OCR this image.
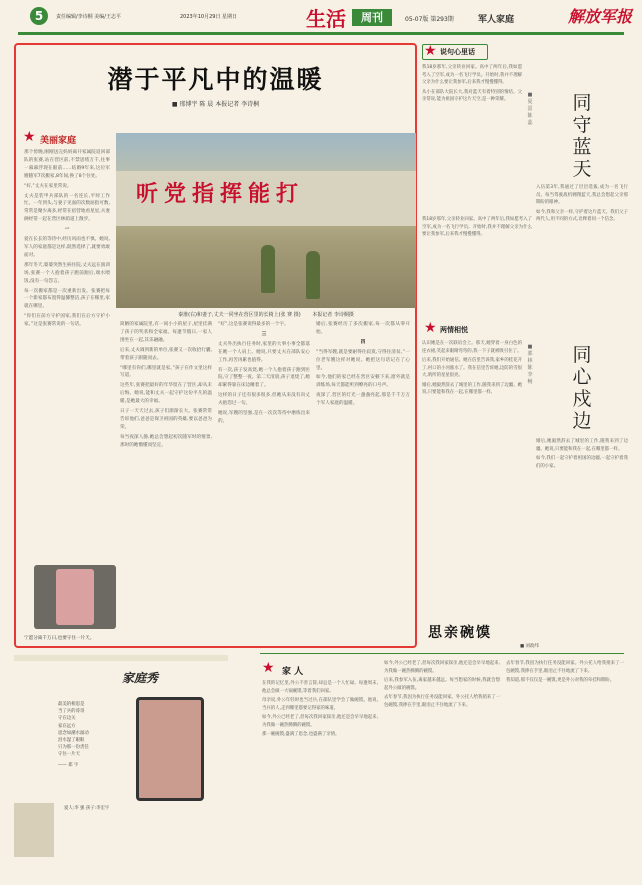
5	责任编辑/李诗桐 美编/王志平	2023年10月29日 星期日	生活	周刊	05-07版 第293期	军人家庭	解放军报
潜于平凡中的温暖
■ 邢博宇 陈 晨 本报记者 李诗桐
★ 美丽家庭

那个傍晚,刚刚送完妈妈离开家属院返回部队的张赛,站在营区前,不禁思绪万千,往事一幕幕浮现在眼前……结婚9年来,这位军嫂随军7次搬家,8年间,换了8个住处。

“好,”丈夫在家里常说。

丈夫是装甲兵部队的一名连长,平时工作忙。一年到头,与妻子见面的次数屈指可数,常常是聚少离多,经常在宿营地看星星,夫妻俩经常一起在营区林荫道上散步。

一

爱在长长的等待中,经历风雨也不惧。她说,军人的家庭都是这样,既然选择了,就要勇敢面对。

那年冬天,婆婆突然生病住院,丈夫远在演训场,张赛一个人抱着孩子跑前跑后,端水喂饭,没有一句怨言。

每一次搬家都是一次重新出发。张赛把每一个新家都布置得温馨整洁,孩子在哪里,家就在哪里。

“你们在前方守护国家,我们在后方守护小家。”这是张赛常说的一句话。

听党指挥能打
秦淮(右)和妻子,丈夫一同坐在营区里的长椅上(张 赛 摄) 本报记者 李诗桐摄

简陋的家属院里,有一间小小的屋子,屋里挂满了孩子的奖状和全家福。每逢节假日,一家人围坐在一起,其乐融融。

后来,丈夫调到新的单位,张赛又一次收拾行囊,带着孩子跟随而去。

“哪里有你们,哪里就是家。”孩子在作文里这样写道。

这些年,张赛把最好的年华留在了营区,却从未后悔。她说,能和丈夫一起守护这份平凡的温暖,是她最大的幸福。

日子一天天过去,孩子们渐渐长大。张赛常常告诉他们,爸爸是保卫祖国的英雄,要以爸爸为荣。

每当夜深人静,她总会想起初次随军时的情景,那时的她懵懂而坚定。

“好”,这是张赛说得最多的一个字。

三

丈夫外出执行任务时,家里的大事小事全都落在她一个人肩上。她说,只要丈夫在部队安心工作,再苦再累也值得。

有一次,孩子发高烧,她一个人抱着孩子跑到医院,守了整整一夜。第二天清晨,孩子退烧了,她却累得靠在床边睡着了。

这样的日子还有很多很多,但她从来没有向丈夫抱怨过一句。

她说,军嫂的坚强,是在一次次等待中磨炼出来的。

婚后,张赛经历了多次搬家,每一次都从零开始。

四

“当得军嫂,就是要耐得住寂寞,守得住清贫。”一位老军嫂这样对她说。她把这句话记在了心里。

如今,他们的家已经在营区安顿下来,窗外就是训练场,每天都能听到嘹亮的口号声。

夜深了,营区的灯光一盏盏亮起,那是千千万万个军人家庭的温暖。

宁愿分离千万日,也要守住一片天。
★ 说句心里话

我18岁那年,父亲转业回家。高中了两年后,我如愿考入了空军,成为一名飞行学员。开始时,我并不理解父亲为什么要让我参军,后来我才慢慢懂得。

从小在部队大院长大,我对蓝天有着特别的情结。父亲常说,能为祖国守护这片天空,是一种荣耀。

■ 夏 雷 陈 蕊
同守蓝天

入伍第3年,我通过了层层选拔,成为一名飞行员。每当驾驶战机翱翔蓝天,我总会想起父亲那期盼的眼神。

如今,我和父亲一样,守护着这片蓝天。我们父子两代人,用不同的方式,诠释着同一个信念。

我18岁那年,父亲转业回家。高中了两年后,我如愿考入了空军,成为一名飞行学员。开始时,我并不理解父亲为什么要让我参军,后来我才慢慢懂得。

★ 两情相悦

认识她是在一次联谊会上。那天,她穿着一身白色的连衣裙,笑起来眼睛弯弯的,我一下子就被吸引住了。

后来,我们开始通信。她在信里告诉我,家乡的桂花开了,村口的小河涨水了。我在信里告诉她,边防的雪很大,哨所的星星很亮。

婚后,她毅然辞去了城里的工作,随我来到了边疆。她说,只要能和我在一起,在哪里都一样。

■ 郭林 陈 李 畅
同心戍边

婚后,她毅然辞去了城里的工作,随我来到了边疆。她说,只要能和我在一起,在哪里都一样。

如今,我们一起守护着祖国的边疆,一起守护着我们的小家。

家庭秀
最美的相思是
当了兵的哥哥
守在边关
家在远方
思念如潮水涌动
泪水湿了眼眶
只为那一份责任
守住一片天
—— 郑 宇
爱人:李 强 孩子:李宏宇
思亲碗馍
■ 刘政纬
★ 家 人

在我的记忆里,外公不善言辞,却总是一个人忙碌。每逢周末,他总会做一大锅碗馍,等着我们回家。

母亲说,外公年轻时也当过兵,在部队里学会了做碗馍。他说,当兵的人,走到哪里都要记得家的味道。

如今,外公已经老了,但每次我回家探亲,他还是会早早地起来,为我做一碗热腾腾的碗馍。

那一碗碗馍,盛满了思念,也盛满了亲情。

如今,外公已经老了,但每次我回家探亲,他还是会早早地起来,为我做一碗热腾腾的碗馍。

后来,我参军入伍,离家越来越远。每当想家的时候,我就会想起外公做的碗馍。

去年春节,我因为执行任务没能回家。外公托人给我捎来了一包碗馍,我捧在手里,眼泪止不住地流了下来。

去年春节,我因为执行任务没能回家。外公托人给我捎来了一包碗馍,我捧在手里,眼泪止不住地流了下来。

我知道,那不仅仅是一碗馍,更是外公对我的牵挂和期盼。
